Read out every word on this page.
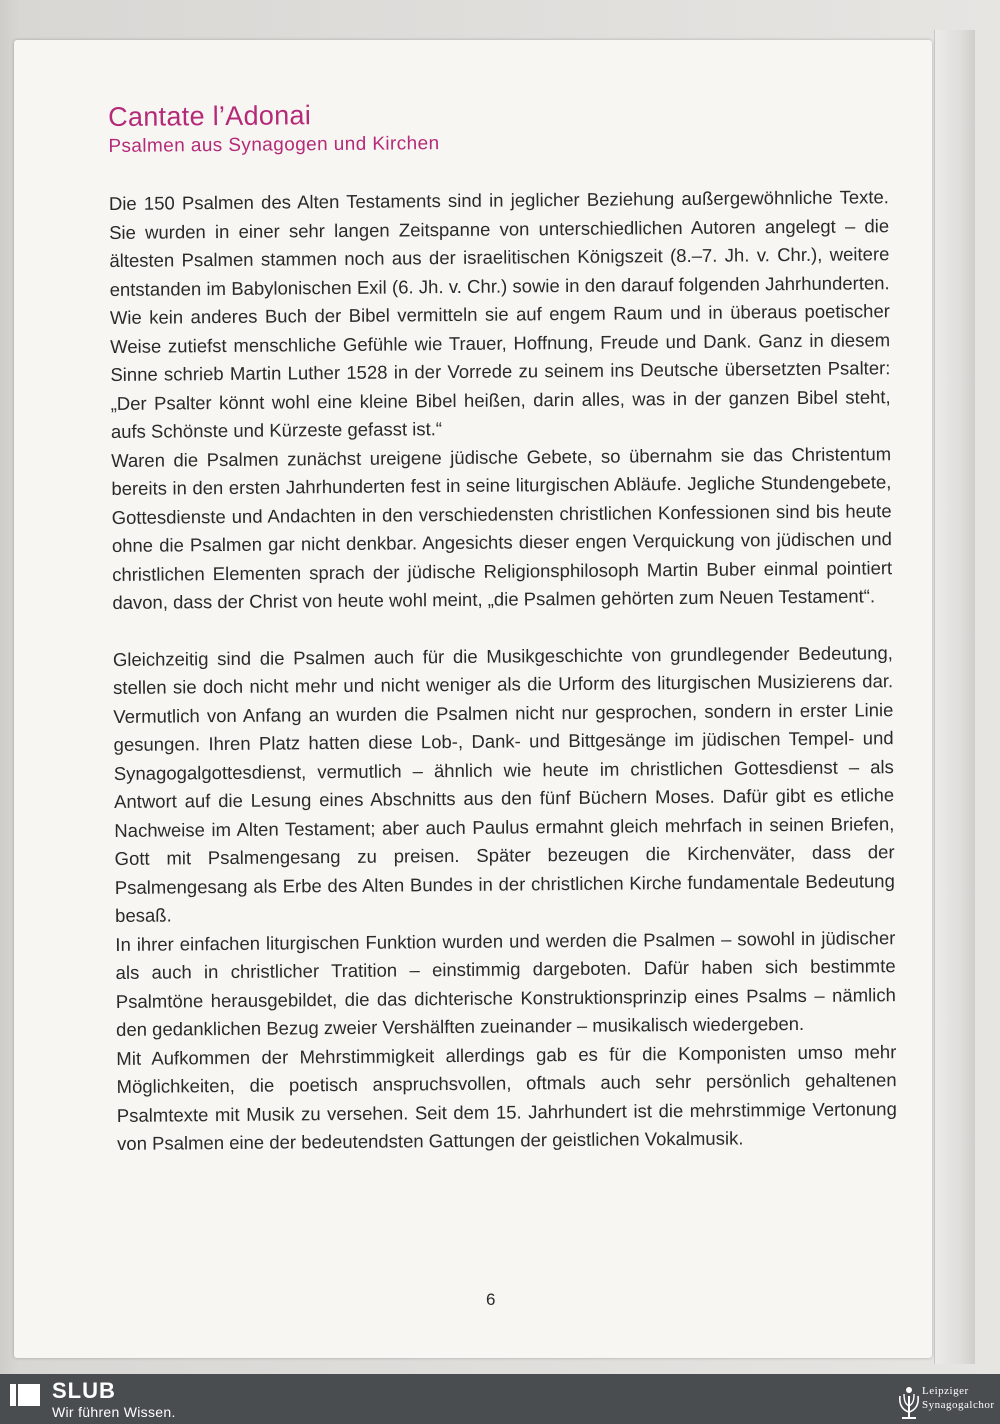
Cantate l’Adonai
Psalmen aus Synagogen und Kirchen

Die 150 Psalmen des Alten Testaments sind in jeglicher Beziehung außergewöhnliche Texte. Sie wurden in einer sehr langen Zeitspanne von unterschiedlichen Autoren angelegt – die ältesten Psalmen stammen noch aus der israelitischen Königszeit (8.–7. Jh. v. Chr.), weitere entstanden im Babylonischen Exil (6. Jh. v. Chr.) sowie in den darauf folgenden Jahrhunderten. Wie kein anderes Buch der Bibel vermitteln sie auf engem Raum und in überaus poetischer Weise zutiefst menschliche Gefühle wie Trauer, Hoffnung, Freude und Dank. Ganz in diesem Sinne schrieb Martin Luther 1528 in der Vorrede zu seinem ins Deutsche übersetzten Psalter: „Der Psalter könnt wohl eine kleine Bibel heißen, darin alles, was in der ganzen Bibel steht, aufs Schönste und Kürzeste gefasst ist.“

Waren die Psalmen zunächst ureigene jüdische Gebete, so übernahm sie das Christentum bereits in den ersten Jahrhunderten fest in seine liturgischen Abläufe. Jegliche Stundengebete, Gottesdienste und Andachten in den verschiedensten christlichen Konfessionen sind bis heute ohne die Psalmen gar nicht denkbar. Angesichts dieser engen Verquickung von jüdischen und christlichen Elementen sprach der jüdische Religionsphilosoph Martin Buber einmal pointiert davon, dass der Christ von heute wohl meint, „die Psalmen gehörten zum Neuen Testament“.

Gleichzeitig sind die Psalmen auch für die Musikgeschichte von grundlegender Bedeutung, stellen sie doch nicht mehr und nicht weniger als die Urform des liturgischen Musizierens dar. Vermutlich von Anfang an wurden die Psalmen nicht nur gesprochen, sondern in erster Linie gesungen. Ihren Platz hatten diese Lob-, Dank- und Bittgesänge im jüdischen Tempel- und Synagogalgottesdienst, vermutlich – ähnlich wie heute im christlichen Gottesdienst – als Antwort auf die Lesung eines Abschnitts aus den fünf Büchern Moses. Dafür gibt es etliche Nachweise im Alten Testament; aber auch Paulus ermahnt gleich mehrfach in seinen Briefen, Gott mit Psalmengesang zu preisen. Später bezeugen die Kirchenväter, dass der Psalmengesang als Erbe des Alten Bundes in der christlichen Kirche fundamentale Bedeutung besaß.

In ihrer einfachen liturgischen Funktion wurden und werden die Psalmen – sowohl in jüdischer als auch in christlicher Tratition – einstimmig dargeboten. Dafür haben sich bestimmte Psalmtöne herausgebildet, die das dichterische Konstruktionsprinzip eines Psalms – nämlich den gedanklichen Bezug zweier Vershälften zueinander – musikalisch wiedergeben.

Mit Aufkommen der Mehrstimmigkeit allerdings gab es für die Komponisten umso mehr Möglichkeiten, die poetisch anspruchsvollen, oftmals auch sehr persönlich gehaltenen Psalmtexte mit Musik zu versehen. Seit dem 15. Jahrhundert ist die mehrstimmige Vertonung von Psalmen eine der bedeutendsten Gattungen der geistlichen Vokalmusik.

6
SLUB
Wir führen Wissen.
Leipziger
Synagogalchor
